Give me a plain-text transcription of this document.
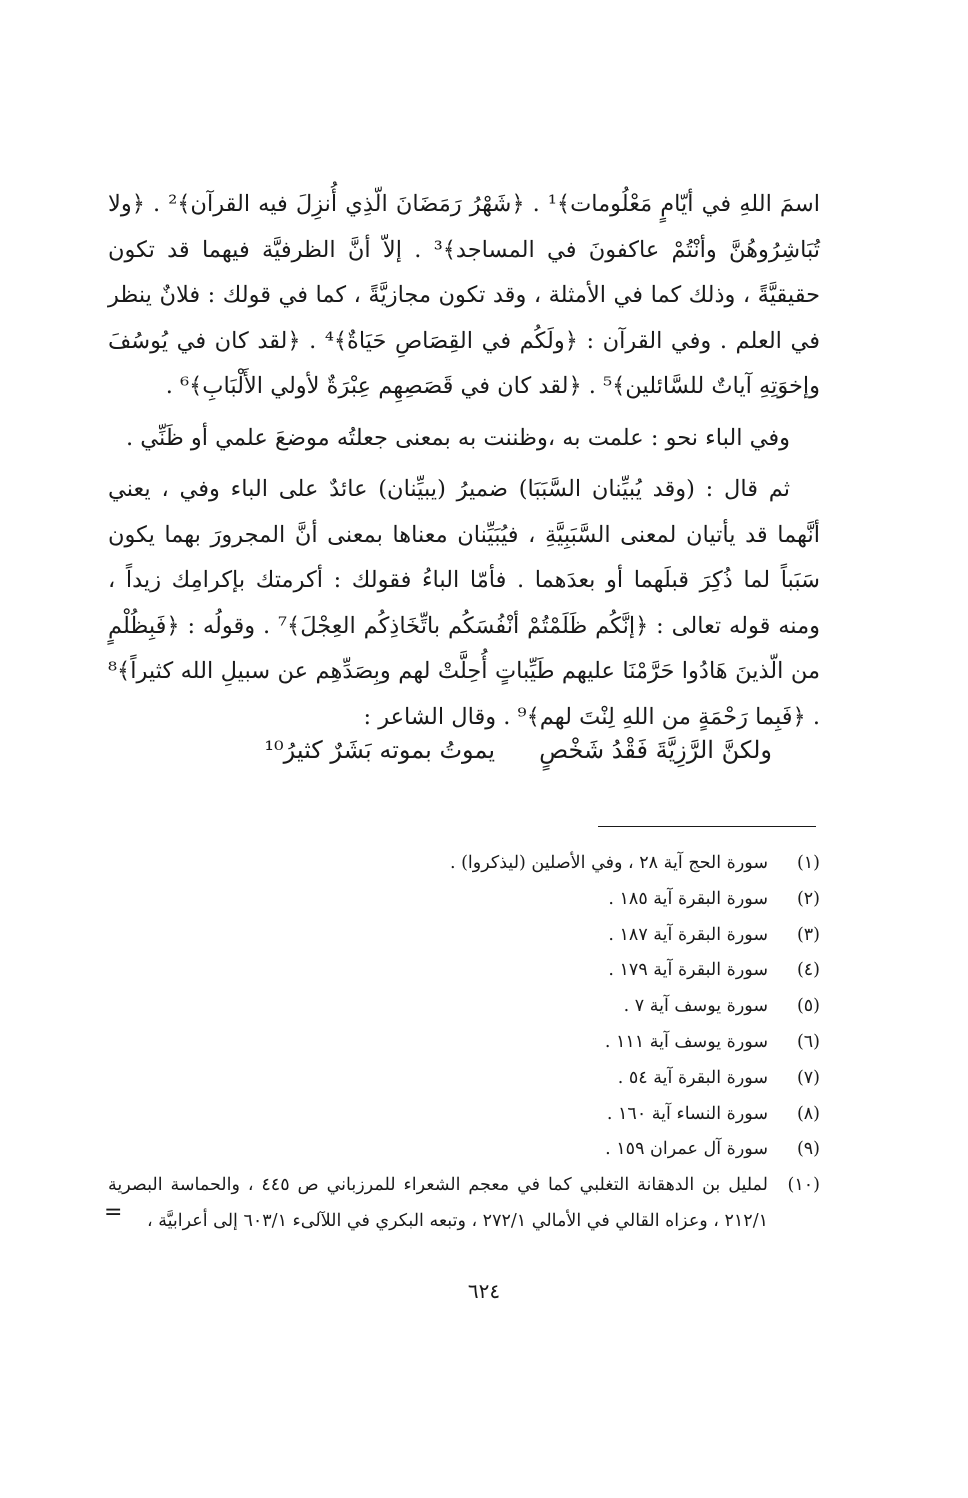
اسمَ اللهِ في أيّامٍ مَعْلُومات﴾¹ . ﴿شَهْرُ رَمَضَانَ الّذِي أُنزِلَ فيه القرآن﴾² . ﴿ولا تُبَاشِرُوهُنَّ وأنْتُمْ عاكفونَ في المساجد﴾³ . إلاّ أنَّ الظرفيَّة فيهما قد تكون حقيقيَّةً ، وذلك كما في الأمثلة ، وقد تكون مجازيَّةً ، كما في قولك : فلانٌ ينظر في العلم . وفي القرآن : ﴿ولَكُم في القِصَاصِ حَيَاةٌ﴾⁴ . ﴿لقد كان في يُوسُفَ وإخوَتِهِ آياتٌ للسَّائلين﴾⁵ . ﴿لقد كان في قَصَصِهِم عِبْرَةٌ لأولي الأَلْبَابِ﴾⁶ .

وفي الباء نحو : علمت به ،وظننت به بمعنى جعلتُه موضعَ علمي أو ظَنِّي .

ثم قال : (وقد يُبيِّنان السَّبَبَا) ضميرُ (يبيِّنان) عائدٌ على الباء وفي ، يعني أنَّهما قد يأتيان لمعنى السَّبَبِيَّةِ ، فيُبَيِّنان معناها بمعنى أنَّ المجرورَ بهما يكون سَبَباً لما ذُكِرَ قبلَهما أو بعدَهما . فأمّا الباءُ فقولك : أكرمتك بإكرامِك زيداً ، ومنه قوله تعالى : ﴿إنَّكُم ظَلَمْتُمْ أنْفُسَكُم باتِّخَاذِكُم العِجْلَ﴾⁷ . وقولُه : ﴿فَبِظُلْمٍ من الّذينَ هَادُوا حَرَّمْنَا عليهم طَيِّباتٍ أُحِلَّتْ لهم وبِصَدِّهِم عن سبيلِ الله كثيراً﴾⁸ . ﴿فَبِما رَحْمَةٍ من اللهِ لِنْتَ لهم﴾⁹ . وقال الشاعر :

ولكنَّ الرَّزِيَّةَ فَقْدُ شَخْصٍ
يموتُ بموته بَشَرٌ كثيرُ¹⁰
(١)
سورة الحج آية ٢٨ ، وفي الأصلين (ليذكروا) .
(٢)
سورة البقرة آية ١٨٥ .
(٣)
سورة البقرة آية ١٨٧ .
(٤)
سورة البقرة آية ١٧٩ .
(٥)
سورة يوسف آية ٧ .
(٦)
سورة يوسف آية ١١١ .
(٧)
سورة البقرة آية ٥٤ .
(٨)
سورة النساء آية ١٦٠ .
(٩)
سورة آل عمران ١٥٩ .
(١٠)
لمليل بن الدهقانة التغلبي كما في معجم الشعراء للمرزباني ص ٤٤٥ ، والحماسة البصرية ٢١٢/١ ، وعزاه القالي في الأمالي ٢٧٢/١ ، وتبعه البكري في اللآلىء ٦٠٣/١ إلى أعرابيَّة ،
=
٦٢٤
